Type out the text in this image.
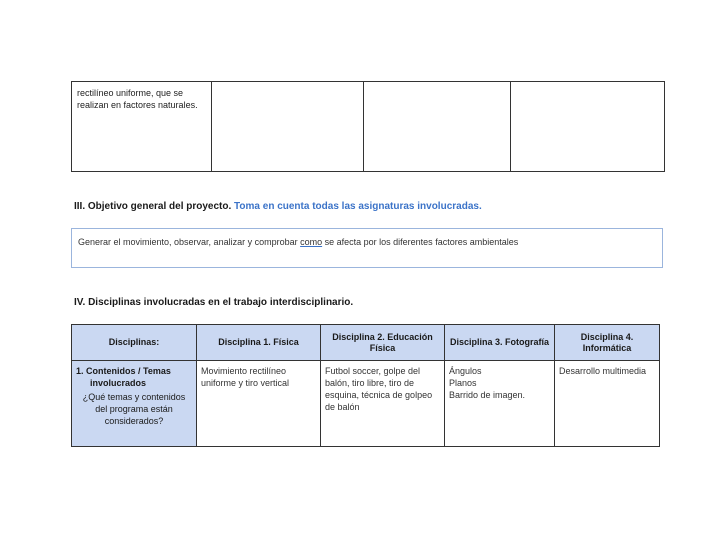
rectilíneo uniforme, que se realizan en factores naturales.			
III. Objetivo general del proyecto. Toma en cuenta todas las asignaturas involucradas.
Generar el movimiento, observar, analizar y comprobar como se afecta por los diferentes factores ambientales
IV. Disciplinas involucradas en el trabajo interdisciplinario.
Disciplinas:	Disciplina 1. Física	Disciplina 2. Educación Física	Disciplina 3. Fotografía	Disciplina 4. Informática

1. Contenidos / Temas
involucrados
¿Qué temas y contenidos del programa están considerados?	Movimiento rectilíneo uniforme y tiro vertical	Futbol soccer, golpe del balón, tiro libre, tiro de esquina, técnica de golpeo de balón	Ángulos
Planos
Barrido de imagen.	Desarrollo multimedia
